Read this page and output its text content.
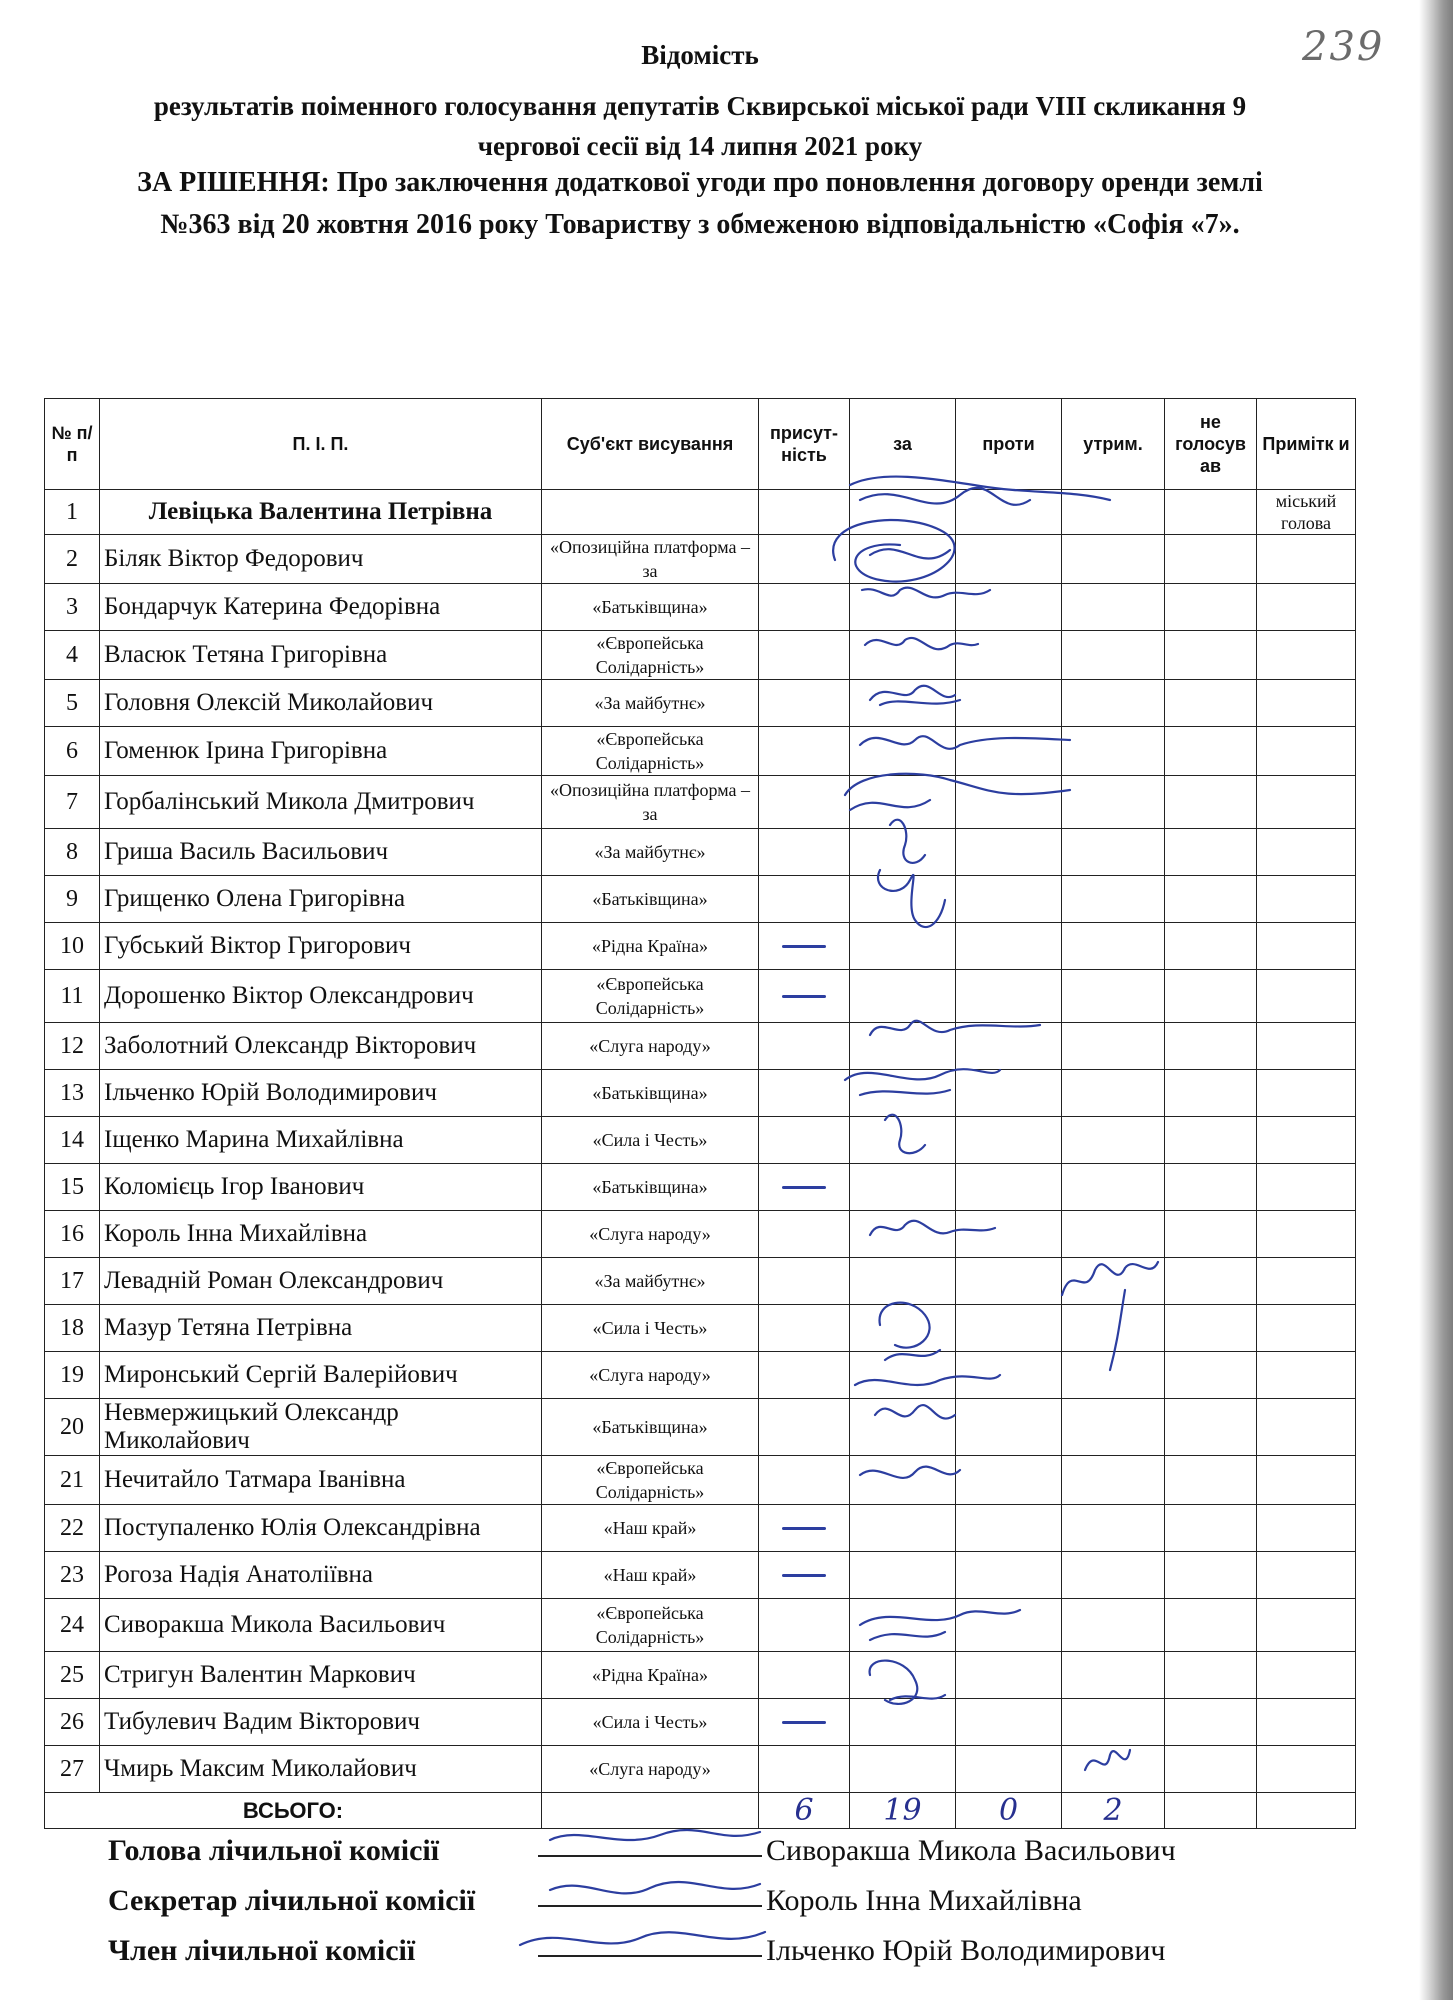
239
Відомість
результатів поіменного голосування депутатів Сквирської міської ради VIII скликання 9
чергової сесії від 14 липня 2021 року
ЗА РІШЕННЯ: Про заключення додаткової угоди про поновлення договору оренди землі
№363 від 20 жовтня 2016 року Товариству з обмеженою відповідальністю «Софія «7».
№ п/п	П. І. П.	Суб'єкт висування	присут-ність	за	проти	утрим.	не голосув ав	Примітк и
1	Левіцька Валентина Петрівна							міський голова
2	Біляк Віктор Федорович	«Опозиційна платформа – за						
3	Бондарчук Катерина Федорівна	«Батьківщина»						
4	Власюк Тетяна Григорівна	«Європейська Солідарність»						
5	Головня Олексій Миколайович	«За майбутнє»						
6	Гоменюк Ірина Григорівна	«Європейська Солідарність»						
7	Горбалінський Микола Дмитрович	«Опозиційна платформа – за						
8	Гриша Василь Васильович	«За майбутнє»						
9	Грищенко Олена Григорівна	«Батьківщина»						
10	Губський Віктор Григорович	«Рідна Країна»						
11	Дорошенко Віктор Олександрович	«Європейська Солідарність»						
12	Заболотний Олександр Вікторович	«Слуга народу»						
13	Ільченко Юрій Володимирович	«Батьківщина»						
14	Іщенко Марина Михайлівна	«Сила і Честь»						
15	Коломієць Ігор Іванович	«Батьківщина»						
16	Король Інна Михайлівна	«Слуга народу»						
17	Левадній Роман Олександрович	«За майбутнє»						
18	Мазур Тетяна Петрівна	«Сила і Честь»						
19	Миронський Сергій Валерійович	«Слуга народу»						
20	Невмержицький Олександр Миколайович	«Батьківщина»						
21	Нечитайло Татмара Іванівна	«Європейська Солідарність»						
22	Поступаленко Юлія Олександрівна	«Наш край»						
23	Рогоза Надія Анатоліївна	«Наш край»						
24	Сиворакша Микола Васильович	«Європейська Солідарність»						
25	Стригун Валентин Маркович	«Рідна Країна»						
26	Тибулевич Вадим Вікторович	«Сила і Честь»						
27	Чмирь Максим Миколайович	«Слуга народу»						
ВСЬОГО:			6	19	0	2		
Голова лічильної комісії	Сиворакша Микола Васильович
Секретар лічильної комісії	Король Інна Михайлівна
Член лічильної комісії	Ільченко Юрій Володимирович
